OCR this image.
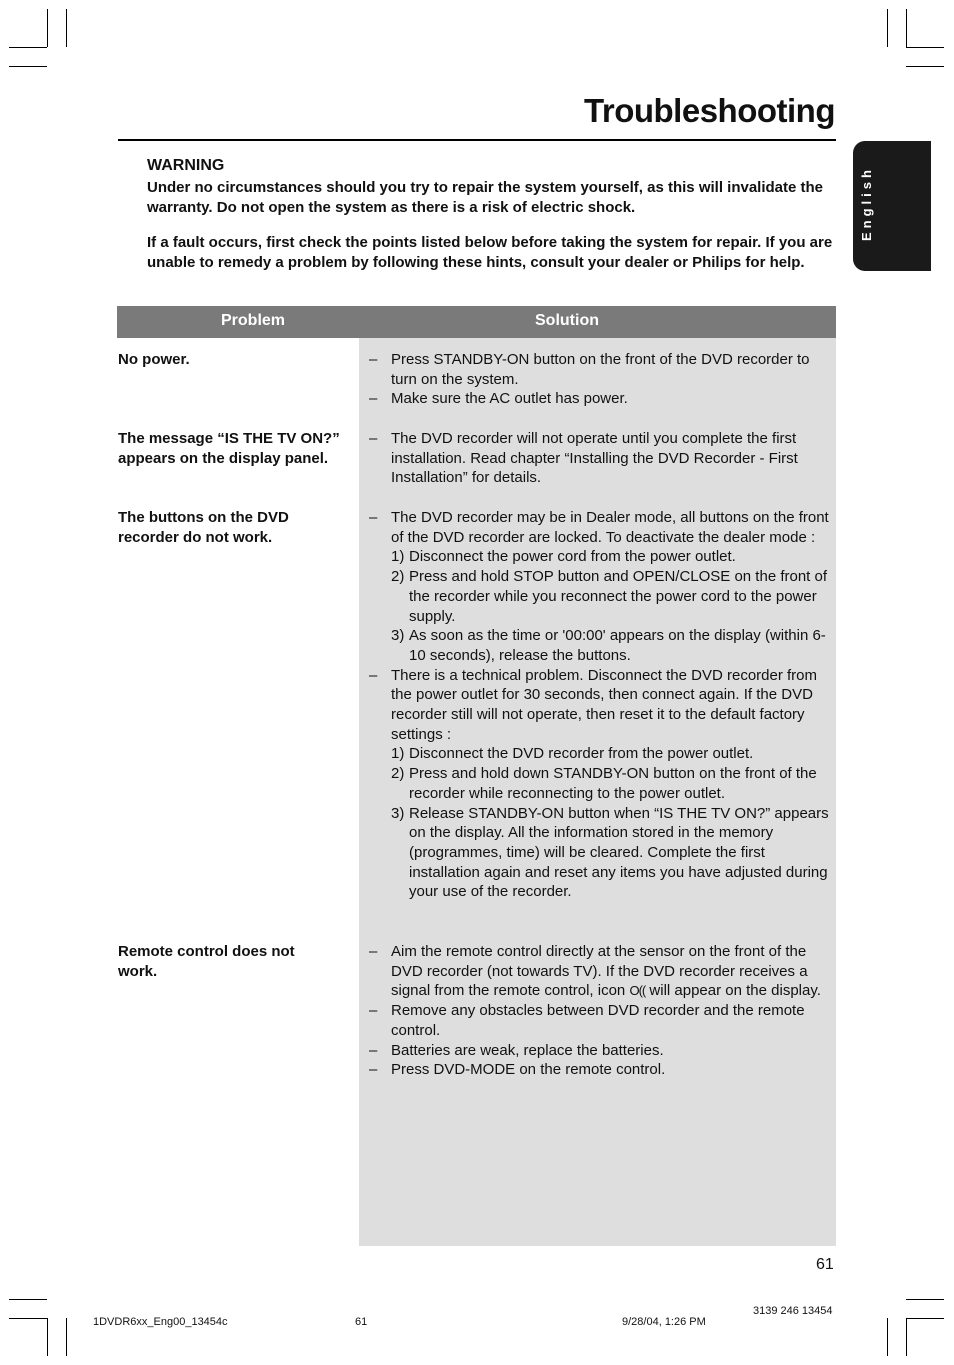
Troubleshooting
English
WARNING
Under no circumstances should you try to repair the system yourself, as this will invalidate the warranty. Do not open the system as there is a risk of electric shock.
If a fault occurs, first check the points listed below before taking the system for repair. If you are unable to remedy a problem by following these hints, consult your dealer or Philips for help.
Problem	Solution
No power.	– Press STANDBY-ON button on the front of the DVD recorder to turn on the system.
– Make sure the AC outlet has power.
The message “IS THE TV ON?” appears on the display panel.
– The DVD recorder will not operate until you complete the first installation. Read chapter “Installing the DVD Recorder - First Installation” for details.
The buttons on the DVD recorder do not work.
– The DVD recorder may be in Dealer mode, all buttons on the front of the DVD recorder are locked. To deactivate the dealer mode :
1) Disconnect the power cord from the power outlet.
2) Press and hold STOP button and OPEN/CLOSE on the front of the recorder while you reconnect the power cord to the power supply.
3) As soon as the time or '00:00' appears on the display (within 6-10 seconds), release the buttons.
– There is a technical problem. Disconnect the DVD recorder from the power outlet for 30 seconds, then connect again. If the DVD recorder still will not operate, then reset it to the default factory settings :
1) Disconnect the DVD recorder from the power outlet.
2) Press and hold down STANDBY-ON button on the front of the recorder while reconnecting to the power outlet.
3) Release STANDBY-ON button when “IS THE TV ON?” appears on the display. All the information stored in the memory (programmes, time) will be cleared. Complete the first installation again and reset any items you have adjusted during your use of the recorder.
Remote control does not work.
– Aim the remote control directly at the sensor on the front of the DVD recorder (not towards TV). If the DVD recorder receives a signal from the remote control, icon O(( will appear on the display.
– Remove any obstacles between DVD recorder and the remote control.
– Batteries are weak, replace the batteries.
– Press DVD-MODE on the remote control.
61
3139 246 13454
1DVDR6xx_Eng00_13454c	61	9/28/04, 1:26 PM
